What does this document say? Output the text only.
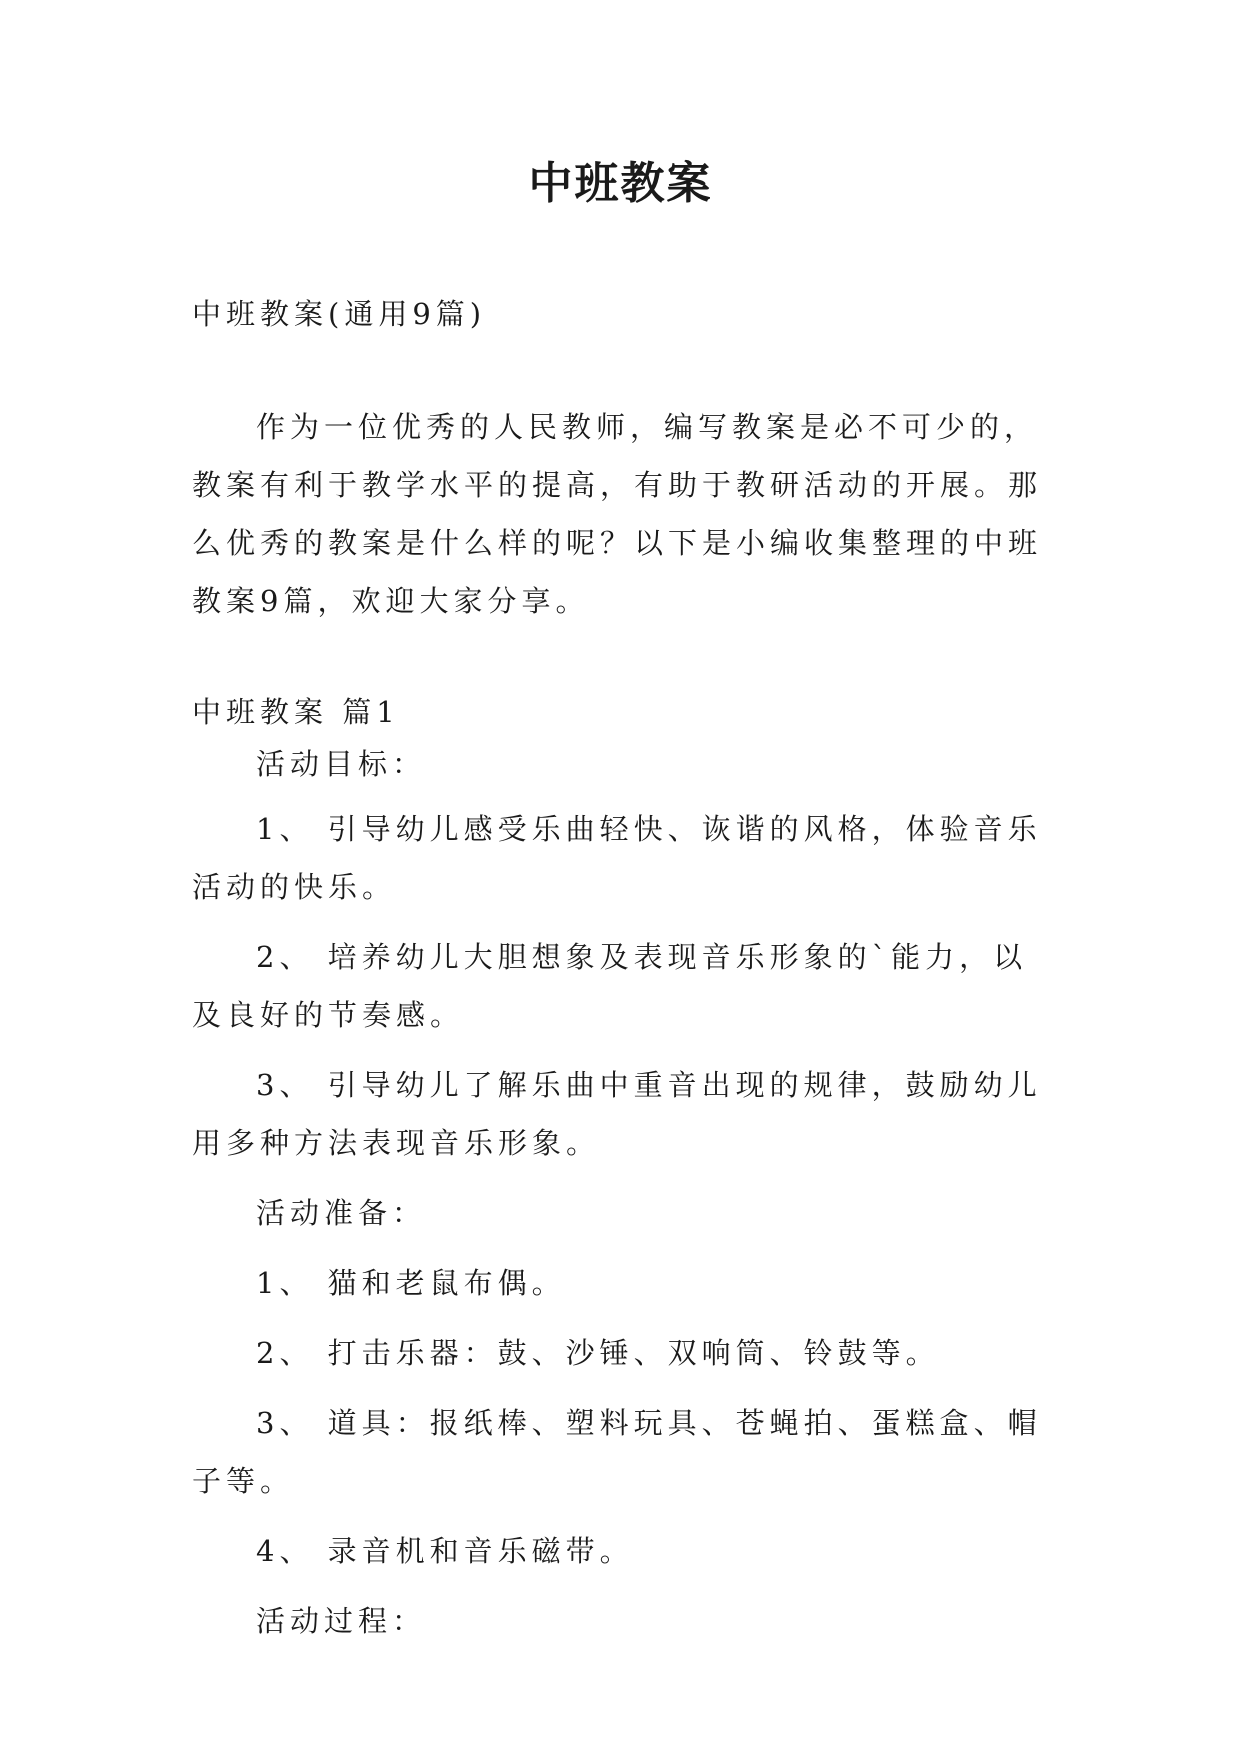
中班教案

中班教案(通用9篇)

作为一位优秀的人民教师，编写教案是必不可少的，教案有利于教学水平的提高，有助于教研活动的开展。那么优秀的教案是什么样的呢？以下是小编收集整理的中班教案9篇，欢迎大家分享。

中班教案 篇1

活动目标：

1、 引导幼儿感受乐曲轻快、诙谐的风格，体验音乐活动的快乐。

2、 培养幼儿大胆想象及表现音乐形象的`能力，以及良好的节奏感。

3、 引导幼儿了解乐曲中重音出现的规律，鼓励幼儿用多种方法表现音乐形象。

活动准备：

1、 猫和老鼠布偶。

2、 打击乐器：鼓、沙锤、双响筒、铃鼓等。

3、 道具：报纸棒、塑料玩具、苍蝇拍、蛋糕盒、帽子等。

4、 录音机和音乐磁带。

活动过程：
